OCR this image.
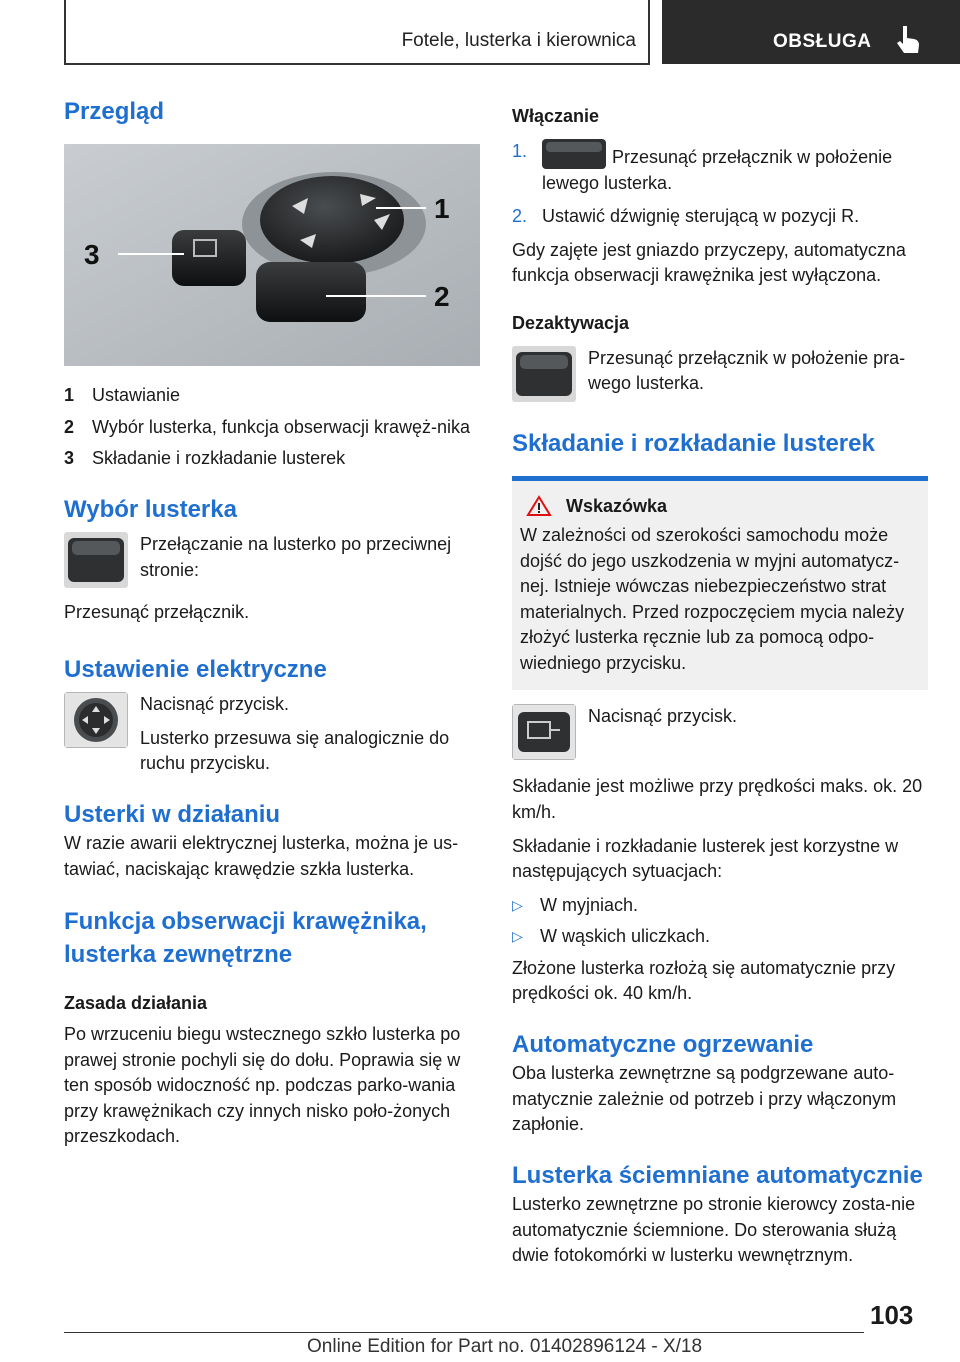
Fotele, lusterka i kierownica	OBSŁUGA
Przegląd
1
2
3
1 Ustawianie
2 Wybór lusterka, funkcja obserwacji krawęż-nika
3 Składanie i rozkładanie lusterek
Wybór lusterka
Przełączanie na lusterko po przeciwnej stronie:

Przesunąć przełącznik.

Ustawienie elektryczne

Nacisnąć przycisk.

Lusterko przesuwa się analogicznie do ruchu przycisku.

Usterki w działaniu

W razie awarii elektrycznej lusterka, można je us-tawiać, naciskając krawędzie szkła lusterka.

Funkcja obserwacji krawężnika, lusterka zewnętrzne
Zasada działania

Po wrzuceniu biegu wstecznego szkło lusterka po prawej stronie pochyli się do dołu. Poprawia się w ten sposób widoczność np. podczas parko-wania przy krawężnikach czy innych nisko poło-żonych przeszkodach.

Włączanie
1.	Przesunąć przełącznik w położenie lewego lusterka.
2. Ustawić dźwignię sterującą w pozycji R.

Gdy zajęte jest gniazdo przyczepy, automatyczna funkcja obserwacji krawężnika jest wyłączona.

Dezaktywacja
Przesunąć przełącznik w położenie pra-wego lusterka.
Składanie i rozkładanie lusterek
Wskazówka

W zależności od szerokości samochodu może dojść do jego uszkodzenia w myjni automatycz-nej. Istnieje wówczas niebezpieczeństwo strat materialnych. Przed rozpoczęciem mycia należy złożyć lusterka ręcznie lub za pomocą odpo-wiedniego przycisku.

Nacisnąć przycisk.

Składanie jest możliwe przy prędkości maks. ok. 20 km/h.

Składanie i rozkładanie lusterek jest korzystne w następujących sytuacjach:

▷ W myjniach.
▷ W wąskich uliczkach.

Złożone lusterka rozłożą się automatycznie przy prędkości ok. 40 km/h.

Automatyczne ogrzewanie

Oba lusterka zewnętrzne są podgrzewane auto-matycznie zależnie od potrzeb i przy włączonym zapłonie.

Lusterka ściemniane automatycznie

Lusterko zewnętrzne po stronie kierowcy zosta-nie automatycznie ściemnione. Do sterowania służą dwie fotokomórki w lusterku wewnętrznym.

103
Online Edition for Part no. 01402896124 - X/18
